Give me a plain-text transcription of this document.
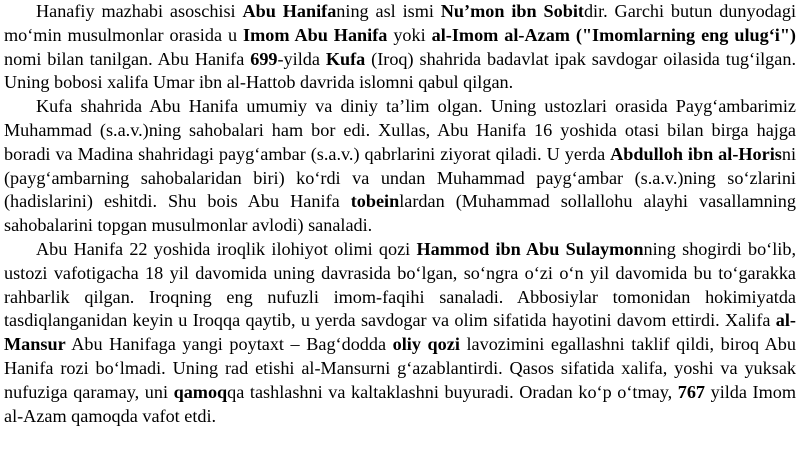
Hanafiy mazhabi asoschisi Abu Hanifaning asl ismi Nu’mon ibn Sobitdir. Garchi butun dunyodagi mo‘min musulmonlar orasida u Imom Abu Hanifa yoki al-Imom al-Azam ("Imomlarning eng ulug‘i") nomi bilan tanilgan. Abu Hanifa 699-yilda Kufa (Iroq) shahrida badavlat ipak savdogar oilasida tug‘ilgan. Uning bobosi xalifa Umar ibn al-Hattob davrida islomni qabul qilgan.

Kufa shahrida Abu Hanifa umumiy va diniy ta’lim olgan. Uning ustozlari orasida Payg‘ambarimiz Muhammad (s.a.v.)ning sahobalari ham bor edi. Xullas, Abu Hanifa 16 yoshida otasi bilan birga hajga boradi va Madina shahridagi payg‘ambar (s.a.v.) qabrlarini ziyorat qiladi. U yerda Abdulloh ibn al-Horisni (payg‘ambarning sahobalaridan biri) ko‘rdi va undan Muhammad payg‘ambar (s.a.v.)ning so‘zlarini (hadislarini) eshitdi. Shu bois Abu Hanifa tobeinlardan (Muhammad sollallohu alayhi vasallamning sahobalarini topgan musulmonlar avlodi) sanaladi.

Abu Hanifa 22 yoshida iroqlik ilohiyot olimi qozi Hammod ibn Abu Sulaymonning shogirdi bo‘lib, ustozi vafotigacha 18 yil davomida uning davrasida bo‘lgan, so‘ngra o‘zi o‘n yil davomida bu to‘garakka rahbarlik qilgan. Iroqning eng nufuzli imom-faqihi sanaladi. Abbosiylar tomonidan hokimiyatda tasdiqlanganidan keyin u Iroqqa qaytib, u yerda savdogar va olim sifatida hayotini davom ettirdi. Xalifa al-Mansur Abu Hanifaga yangi poytaxt – Bag‘dodda oliy qozi lavozimini egallashni taklif qildi, biroq Abu Hanifa rozi bo‘lmadi. Uning rad etishi al-Mansurni g‘azablantirdi. Qasos sifatida xalifa, yoshi va yuksak nufuziga qaramay, uni qamoqqa tashlashni va kaltaklashni buyuradi. Oradan ko‘p o‘tmay, 767 yilda Imom al-Azam qamoqda vafot etdi.
